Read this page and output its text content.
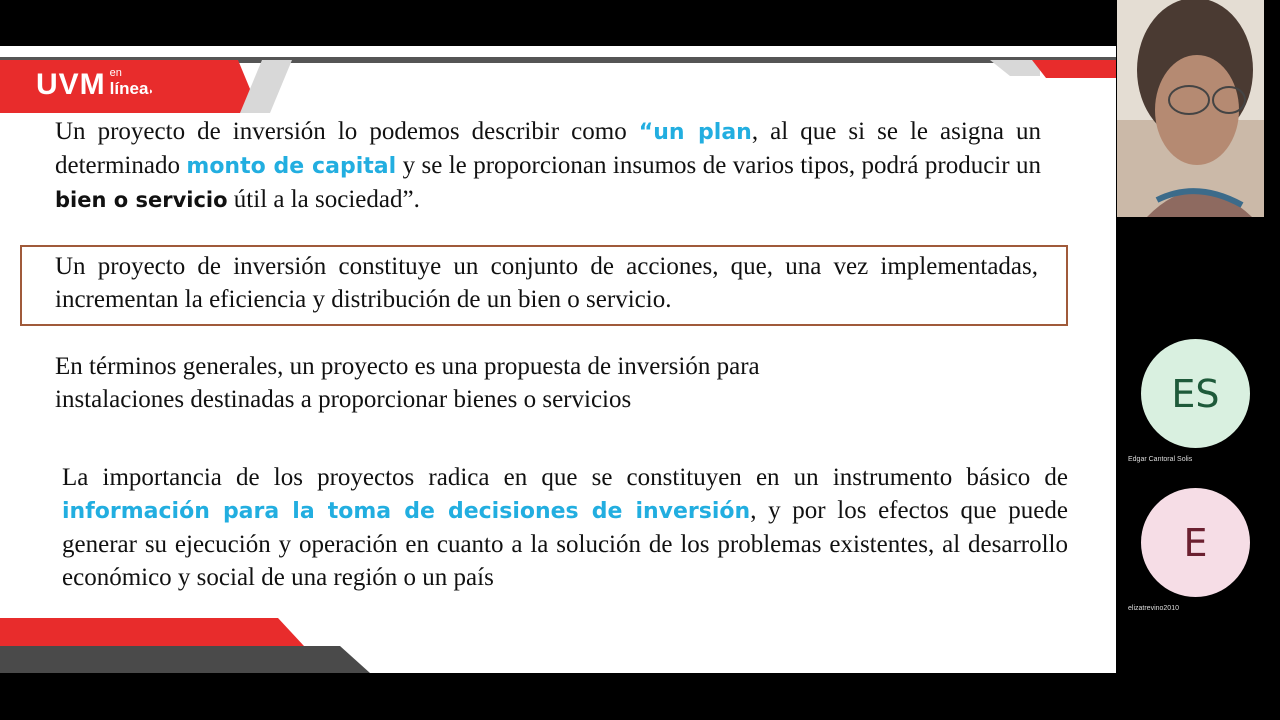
UVM en
línea◗
Un proyecto de inversión lo podemos describir como “un plan, al que si se le asigna un determinado monto de capital y se le proporcionan insumos de varios tipos, podrá producir un bien o servicio útil a la sociedad”.
Un proyecto de inversión constituye un conjunto de acciones, que, una vez implementadas, incrementan la eficiencia y distribución de un bien o servicio.
En términos generales, un proyecto es una propuesta de inversión para
instalaciones destinadas a proporcionar bienes o servicios
La importancia de los proyectos radica en que se constituyen en un instrumento básico de información para la toma de decisiones de inversión, y por los efectos que puede generar su ejecución y operación en cuanto a la solución de los problemas existentes, al desarrollo económico y social de una región o un país
ES
Edgar Cantoral Solis
E
elizatrevino2010
